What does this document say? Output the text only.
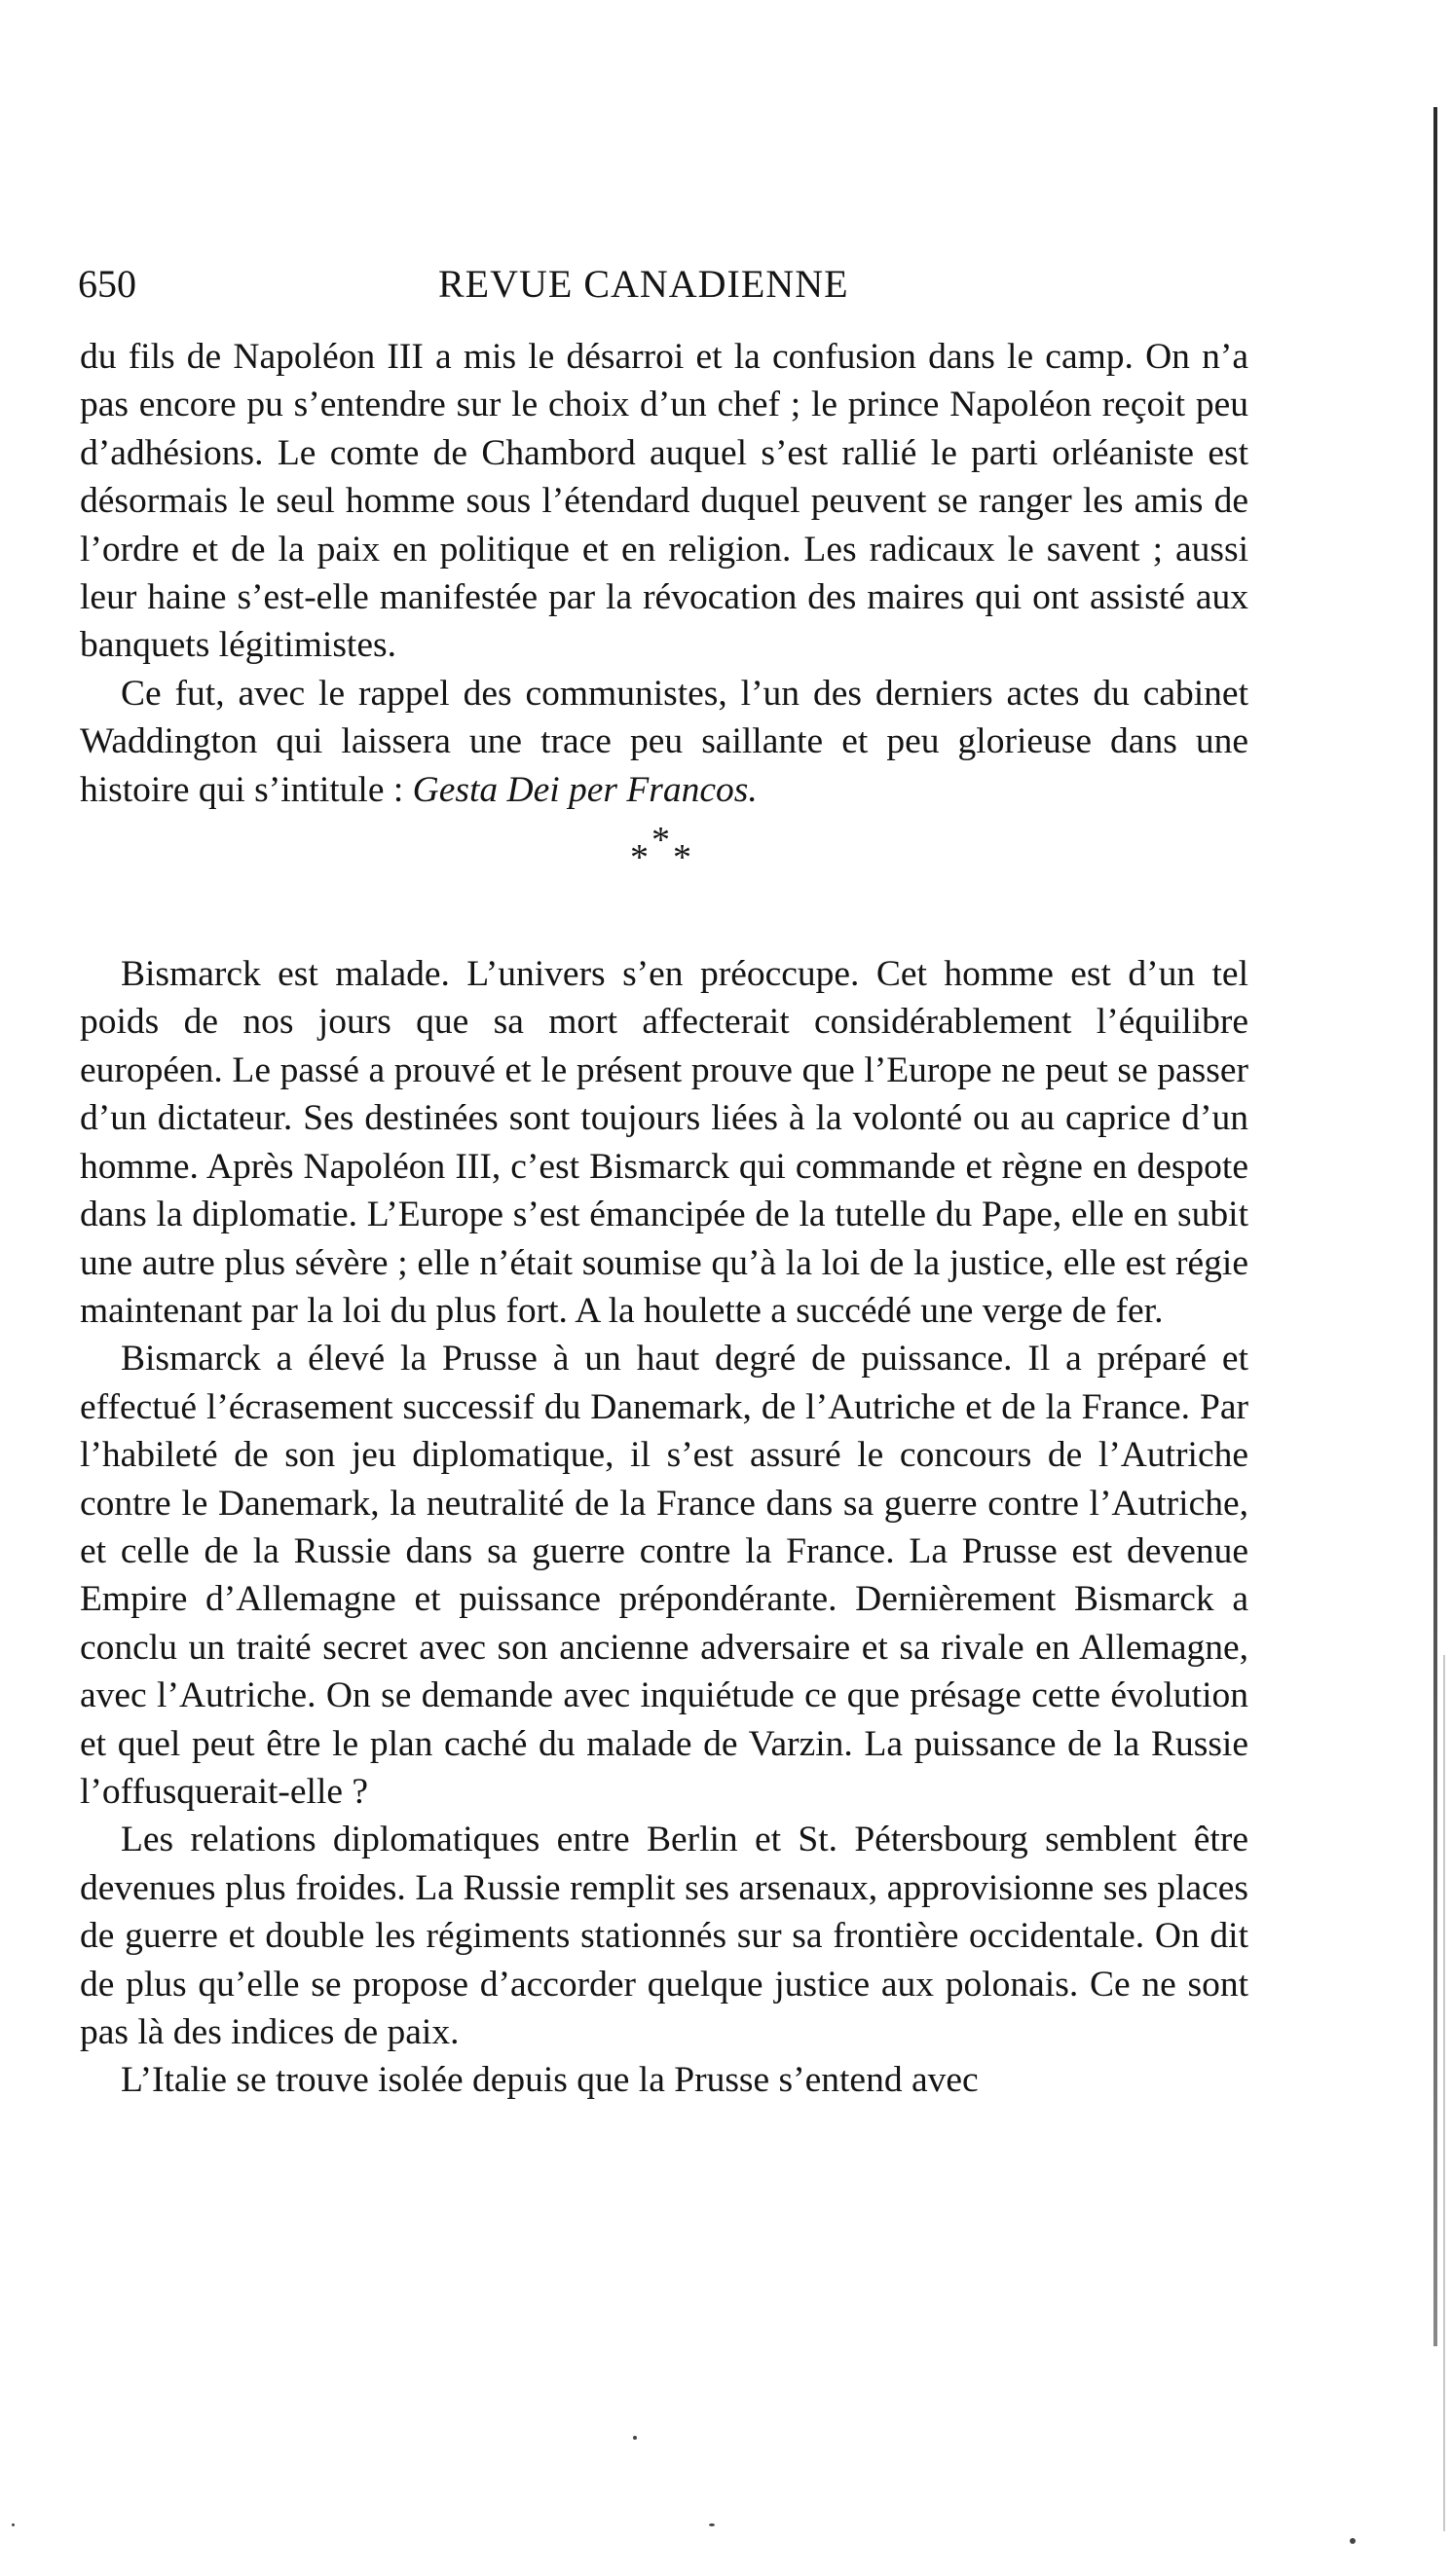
650	REVUE CANADIENNE

du fils de Napoléon III a mis le désarroi et la confusion dans le camp. On n’a pas encore pu s’entendre sur le choix d’un chef ; le prince Napoléon reçoit peu d’adhésions. Le comte de Chambord auquel s’est rallié le parti orléaniste est désormais le seul homme sous l’étendard duquel peuvent se ranger les amis de l’ordre et de la paix en politique et en religion. Les radicaux le savent ; aussi leur haine s’est-elle manifestée par la révocation des maires qui ont assisté aux banquets légitimistes.

Ce fut, avec le rappel des communistes, l’un des derniers actes du cabinet Waddington qui laissera une trace peu saillante et peu glorieuse dans une histoire qui s’intitule : Gesta Dei per Francos.

* * *

Bismarck est malade. L’univers s’en préoccupe. Cet homme est d’un tel poids de nos jours que sa mort affecterait considérablement l’équilibre européen. Le passé a prouvé et le présent prouve que l’Europe ne peut se passer d’un dictateur. Ses destinées sont toujours liées à la volonté ou au caprice d’un homme. Après Napoléon III, c’est Bismarck qui commande et règne en despote dans la diplomatie. L’Europe s’est émancipée de la tutelle du Pape, elle en subit une autre plus sévère ; elle n’était soumise qu’à la loi de la justice, elle est régie maintenant par la loi du plus fort. A la houlette a succédé une verge de fer.

Bismarck a élevé la Prusse à un haut degré de puissance. Il a préparé et effectué l’écrasement successif du Danemark, de l’Autriche et de la France. Par l’habileté de son jeu diplomatique, il s’est assuré le concours de l’Autriche contre le Danemark, la neutralité de la France dans sa guerre contre l’Autriche, et celle de la Russie dans sa guerre contre la France. La Prusse est devenue Empire d’Allemagne et puissance prépondérante. Dernièrement Bismarck a conclu un traité secret avec son ancienne adversaire et sa rivale en Allemagne, avec l’Autriche. On se demande avec inquiétude ce que présage cette évolution et quel peut être le plan caché du malade de Varzin. La puissance de la Russie l’offusquerait-elle ?

Les relations diplomatiques entre Berlin et St. Pétersbourg semblent être devenues plus froides. La Russie remplit ses arsenaux, approvisionne ses places de guerre et double les régiments stationnés sur sa frontière occidentale. On dit de plus qu’elle se propose d’accorder quelque justice aux polonais. Ce ne sont pas là des indices de paix.

L’Italie se trouve isolée depuis que la Prusse s’entend avec
